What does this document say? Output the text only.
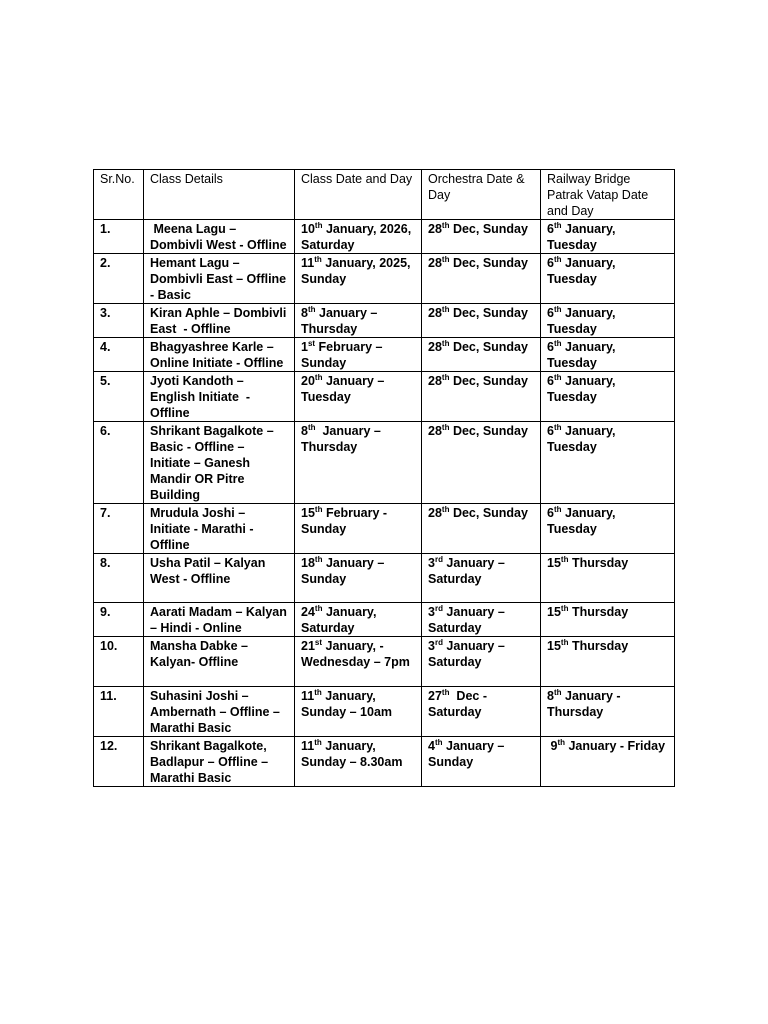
Sr.No.	Class Details	Class Date and Day	Orchestra Date & Day	Railway Bridge Patrak Vatap Date and Day
1.	Meena Lagu – Dombivli West - Offline	10th January, 2026, Saturday	28th Dec, Sunday	6th January, Tuesday
2.	Hemant Lagu – Dombivli East – Offline - Basic	11th January, 2025, Sunday	28th Dec, Sunday	6th January, Tuesday
3.	Kiran Aphle – Dombivli East  - Offline	8th January – Thursday	28th Dec, Sunday	6th January, Tuesday
4.	Bhagyashree Karle – Online Initiate - Offline	1st February – Sunday	28th Dec, Sunday	6th January, Tuesday
5.	Jyoti Kandoth – English Initiate  - Offline	20th January – Tuesday	28th Dec, Sunday	6th January, Tuesday
6.	Shrikant Bagalkote – Basic - Offline – Initiate – Ganesh Mandir OR Pitre Building	8th  January – Thursday	28th Dec, Sunday	6th January, Tuesday
7.	Mrudula Joshi – Initiate - Marathi - Offline	15th February - Sunday	28th Dec, Sunday	6th January, Tuesday
8.	Usha Patil – Kalyan West - Offline	18th January – Sunday	3rd January – Saturday	15th Thursday
9.	Aarati Madam – Kalyan – Hindi - Online	24th January, Saturday	3rd January – Saturday	15th Thursday
10.	Mansha Dabke – Kalyan- Offline	21st January, - Wednesday – 7pm	3rd January – Saturday	15th Thursday
11.	Suhasini Joshi – Ambernath – Offline – Marathi Basic	11th January, Sunday – 10am	27th  Dec - Saturday	8th January - Thursday
12.	Shrikant Bagalkote, Badlapur – Offline – Marathi Basic	11th January, Sunday – 8.30am	4th January – Sunday	9th January - Friday
